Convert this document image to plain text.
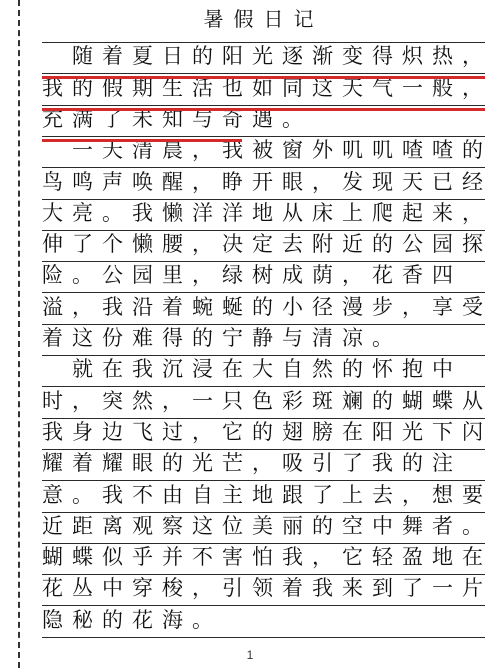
暑假日记
　随着夏日的阳光逐渐变得炽热，
我的假期生活也如同这天气一般，
充满了未知与奇遇。
　一天清晨，我被窗外叽叽喳喳的
鸟鸣声唤醒，睁开眼，发现天已经
大亮。我懒洋洋地从床上爬起来，
伸了个懒腰，决定去附近的公园探
险。公园里，绿树成荫，花香四
溢，我沿着蜿蜒的小径漫步，享受
着这份难得的宁静与清凉。
　就在我沉浸在大自然的怀抱中
时，突然，一只色彩斑斓的蝴蝶从
我身边飞过，它的翅膀在阳光下闪
耀着耀眼的光芒，吸引了我的注
意。我不由自主地跟了上去，想要
近距离观察这位美丽的空中舞者。
蝴蝶似乎并不害怕我，它轻盈地在
花丛中穿梭，引领着我来到了一片
隐秘的花海。
1
